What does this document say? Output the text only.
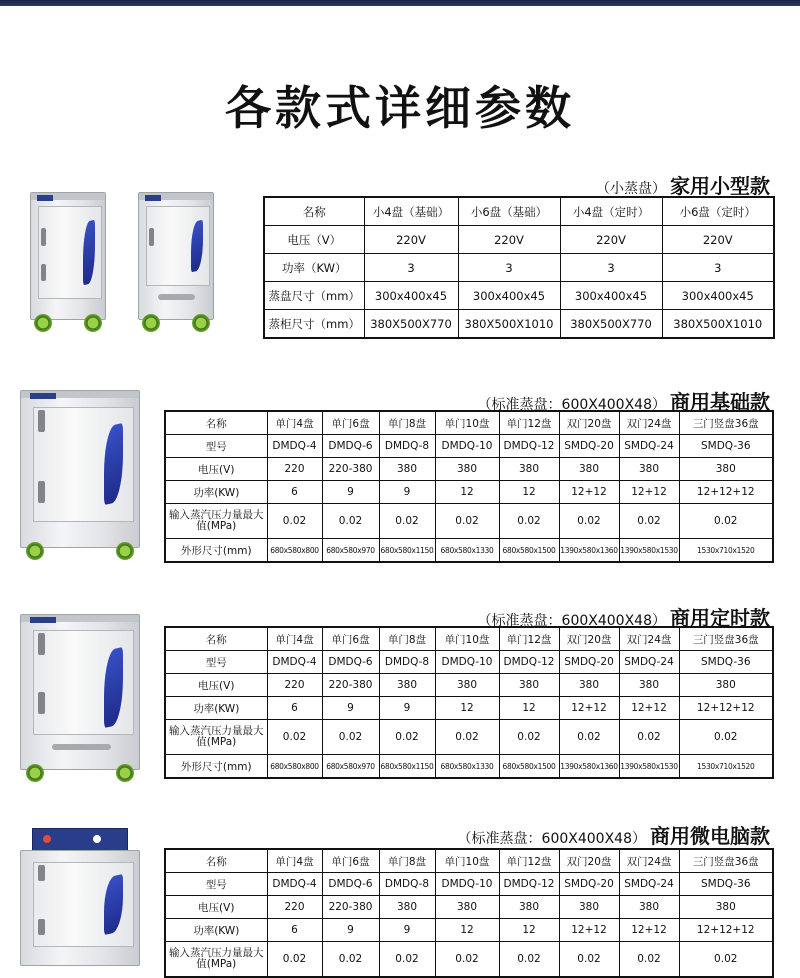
各款式详细参数
（小蒸盘） 家用小型款
名称	小4盘（基础）	小6盘（基础）	小4盘（定时）	小6盘（定时）
电压（V）	220V	220V	220V	220V
功率（KW）	3	3	3	3
蒸盘尺寸（mm）	300x400x45	300x400x45	300x400x45	300x400x45
蒸柜尺寸（mm）	380X500X770	380X500X1010	380X500X770	380X500X1010
（标准蒸盘：600X400X48） 商用基础款
名称	单门4盘	单门6盘	单门8盘	单门10盘	单门12盘	双门20盘	双门24盘	三门竖盘36盘
型号	DMDQ-4	DMDQ-6	DMDQ-8	DMDQ-10	DMDQ-12	SMDQ-20	SMDQ-24	SMDQ-36
电压(V)	220	220-380	380	380	380	380	380	380
功率(KW)	6	9	9	12	12	12+12	12+12	12+12+12
输入蒸汽压力量最大值(MPa)	0.02	0.02	0.02	0.02	0.02	0.02	0.02	0.02
外形尺寸(mm)	680x580x800	680x580x970	680x580x1150	680x580x1330	680x580x1500	1390x580x1360	1390x580x1530	1530x710x1520
（标准蒸盘：600X400X48） 商用定时款
名称	单门4盘	单门6盘	单门8盘	单门10盘	单门12盘	双门20盘	双门24盘	三门竖盘36盘
型号	DMDQ-4	DMDQ-6	DMDQ-8	DMDQ-10	DMDQ-12	SMDQ-20	SMDQ-24	SMDQ-36
电压(V)	220	220-380	380	380	380	380	380	380
功率(KW)	6	9	9	12	12	12+12	12+12	12+12+12
输入蒸汽压力量最大值(MPa)	0.02	0.02	0.02	0.02	0.02	0.02	0.02	0.02
外形尺寸(mm)	680x580x800	680x580x970	680x580x1150	680x580x1330	680x580x1500	1390x580x1360	1390x580x1530	1530x710x1520
（标准蒸盘：600X400X48） 商用微电脑款
名称	单门4盘	单门6盘	单门8盘	单门10盘	单门12盘	双门20盘	双门24盘	三门竖盘36盘
型号	DMDQ-4	DMDQ-6	DMDQ-8	DMDQ-10	DMDQ-12	SMDQ-20	SMDQ-24	SMDQ-36
电压(V)	220	220-380	380	380	380	380	380	380
功率(KW)	6	9	9	12	12	12+12	12+12	12+12+12
输入蒸汽压力量最大值(MPa)	0.02	0.02	0.02	0.02	0.02	0.02	0.02	0.02
